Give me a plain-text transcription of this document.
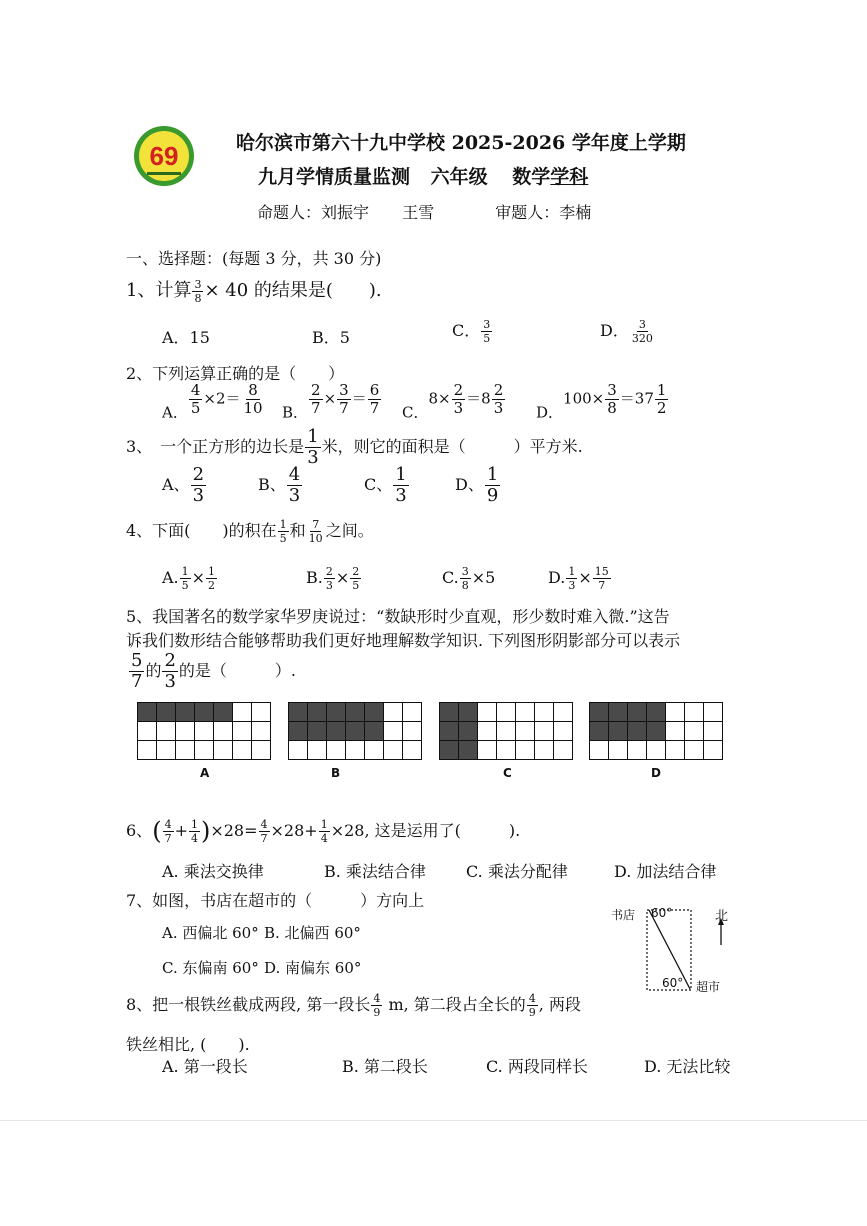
69	哈尔滨市第六十九中学校 2025-2026 学年度上学期
九月学情质量监测 六年级 数学学科
命题人：刘振宇 王雪	审题人：李楠
一、选择题：(每题 3 分，共 30 分)
1、计算 $\frac{3}{8} \times 40$ 的结果是(　　).
A．15	B．5	C． $\frac{3}{5}$	D． $\frac{3}{320}$
2、下列运算正确的是（　　）
A． $\frac{4}{5} \times 2= \frac{8}{10}$ B． $\frac{2}{7} \times \frac{3}{7} = \frac{6}{7}$ C．$8\times \frac{2}{3} =8 \frac{2}{3}$ D．$100\times \frac{3}{8} =37 \frac{1}{2}$
3、　一个正方形的边长是 $\frac{1}{3}$ 米，则它的面积是（　　　）平方米.
A、 $\frac{2}{3}$	B、 $\frac{4}{3}$	C、 $\frac{1}{3}$	D、 $\frac{1}{9}$
4、下面(　　)的积在 $\frac{1}{5}$ 和 $\frac{7}{10}$ 之间。
A. $\frac{1}{5} \times \frac{1}{2}$	B. $\frac{2}{3} \times \frac{2}{5}$	C. $\frac{3}{8} \times 5$	D. $\frac{1}{3} \times \frac{15}{7}$
5、我国著名的数学家华罗庚说过：“数缺形时少直观，形少数时难入微.”这告
诉我们数形结合能够帮助我们更好地理解数学知识. 下列图形阴影部分可以表示
$\frac{5}{7}$ 的 $\frac{2}{3}$ 的是（　　　）.
A	B	C	D
6、( $\frac{4}{7} + \frac{1}{4} )\times 28= \frac{4}{7} \times 28+ \frac{1}{4} \times 28$, 这是运用了(　　　).
A. 乘法交换律	B. 乘法结合律	C. 乘法分配律	D. 加法结合律
7、如图，书店在超市的（　　　）方向上
A. 西偏北 60° B. 北偏西 60°
C. 东偏南 60° D. 南偏东 60°
书店 60°	北
60° 超市
8、把一根铁丝截成两段, 第一段长 $\frac{4}{9} m$, 第二段占全长的 $\frac{4}{9}$ , 两段
铁丝相比, (　　).
A. 第一段长	B. 第二段长	C. 两段同样长	D. 无法比较
